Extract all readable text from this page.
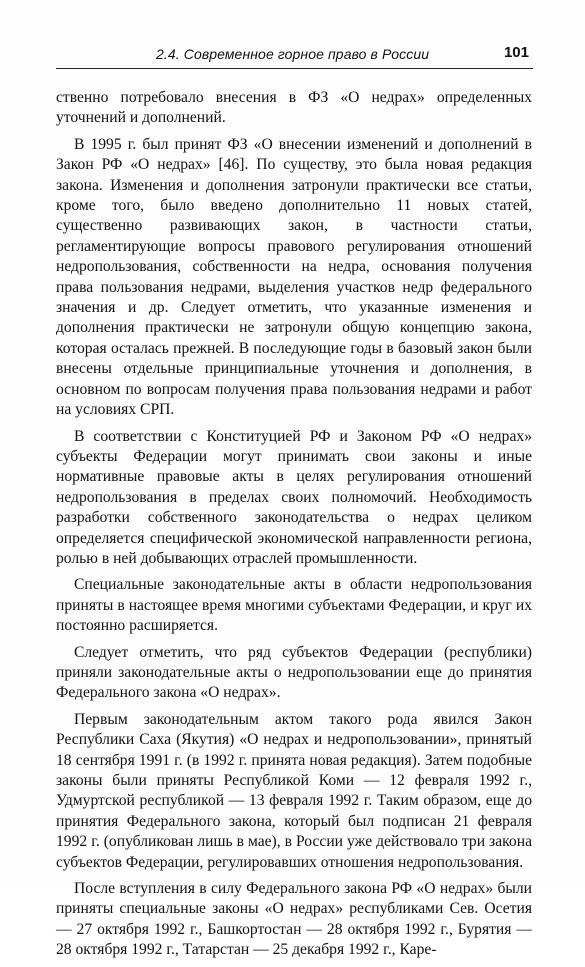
2.4. Современное горное право в России	101

ственно потребовало внесения в ФЗ «О недрах» определенных уточнений и дополнений.

В 1995 г. был принят ФЗ «О внесении изменений и дополнений в Закон РФ «О недрах» [46]. По существу, это была новая редакция закона. Изменения и дополнения затронули практически все статьи, кроме того, было введено дополнительно 11 новых статей, существенно развивающих закон, в частности статьи, регламентирующие вопросы правового регулирования отношений недропользования, собственности на недра, основания получения права пользования недрами, выделения участков недр федерального значения и др. Следует отметить, что указанные изменения и дополнения практически не затронули общую концепцию закона, которая осталась прежней. В последующие годы в базовый закон были внесены отдельные принципиальные уточнения и дополнения, в основном по вопросам получения права пользования недрами и работ на условиях СРП.

В соответствии с Конституцией РФ и Законом РФ «О недрах» субъекты Федерации могут принимать свои законы и иные нормативные правовые акты в целях регулирования отношений недропользования в пределах своих полномочий. Необходимость разработки собственного законодательства о недрах целиком определяется специфической экономической направленности региона, ролью в ней добывающих отраслей промышленности.

Специальные законодательные акты в области недропользования приняты в настоящее время многими субъектами Федерации, и круг их постоянно расширяется.

Следует отметить, что ряд субъектов Федерации (республики) приняли законодательные акты о недропользовании еще до принятия Федерального закона «О недрах».

Первым законодательным актом такого рода явился Закон Республики Саха (Якутия) «О недрах и недропользовании», принятый 18 сентября 1991 г. (в 1992 г. принята новая редакция). Затем подобные законы были приняты Республикой Коми — 12 февраля 1992 г., Удмуртской республикой — 13 февраля 1992 г. Таким образом, еще до принятия Федерального закона, который был подписан 21 февраля 1992 г. (опубликован лишь в мае), в России уже действовало три закона субъектов Федерации, регулировавших отношения недропользования.

После вступления в силу Федерального закона РФ «О недрах» были приняты специальные законы «О недрах» республиками Сев. Осетия — 27 октября 1992 г., Башкортостан — 28 октября 1992 г., Бурятия — 28 октября 1992 г., Татарстан — 25 декабря 1992 г., Каре-
